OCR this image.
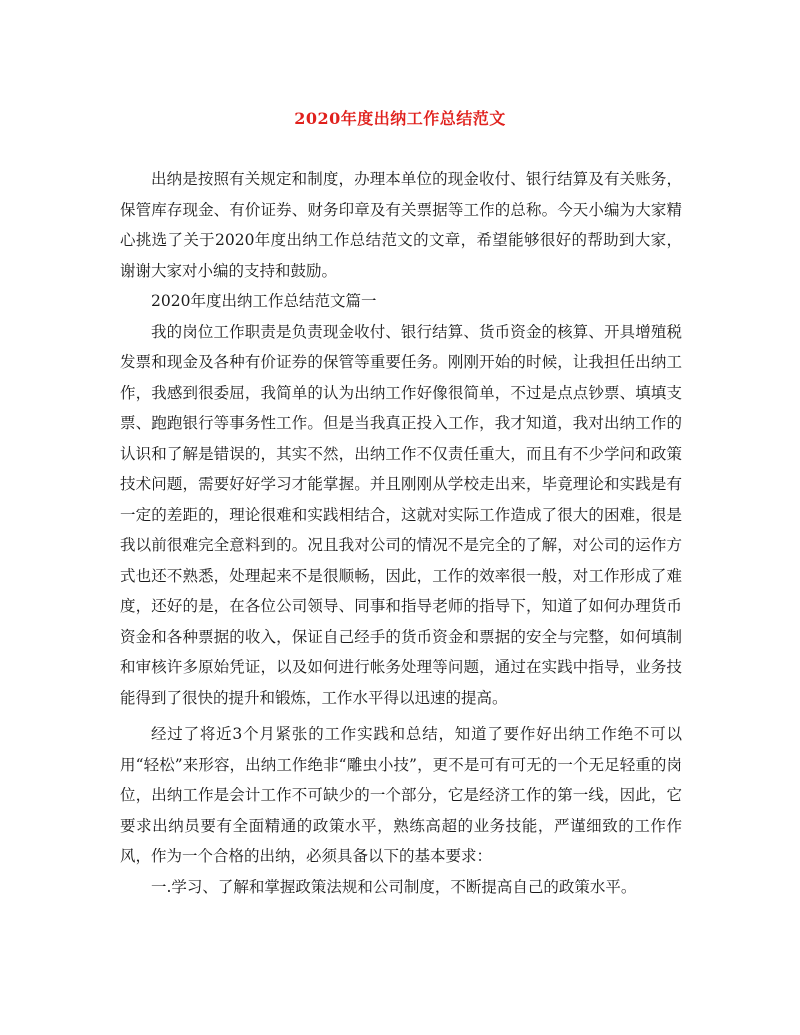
2020年度出纳工作总结范文

出纳是按照有关规定和制度，办理本单位的现金收付、银行结算及有关账务，保管库存现金、有价证券、财务印章及有关票据等工作的总称。今天小编为大家精心挑选了关于2020年度出纳工作总结范文的文章，希望能够很好的帮助到大家，谢谢大家对小编的支持和鼓励。

2020年度出纳工作总结范文篇一

我的岗位工作职责是负责现金收付、银行结算、货币资金的核算、开具增殖税发票和现金及各种有价证券的保管等重要任务。刚刚开始的时候，让我担任出纳工作，我感到很委屈，我简单的认为出纳工作好像很简单，不过是点点钞票、填填支票、跑跑银行等事务性工作。但是当我真正投入工作，我才知道，我对出纳工作的认识和了解是错误的，其实不然，出纳工作不仅责任重大，而且有不少学问和政策技术问题，需要好好学习才能掌握。并且刚刚从学校走出来，毕竟理论和实践是有一定的差距的，理论很难和实践相结合，这就对实际工作造成了很大的困难，很是我以前很难完全意料到的。况且我对公司的情况不是完全的了解，对公司的运作方式也还不熟悉，处理起来不是很顺畅，因此，工作的效率很一般，对工作形成了难度，还好的是，在各位公司领导、同事和指导老师的指导下，知道了如何办理货币资金和各种票据的收入，保证自己经手的货币资金和票据的安全与完整，如何填制和审核许多原始凭证，以及如何进行帐务处理等问题，通过在实践中指导，业务技能得到了很快的提升和锻炼，工作水平得以迅速的提高。

经过了将近3个月紧张的工作实践和总结，知道了要作好出纳工作绝不可以用“轻松”来形容，出纳工作绝非“雕虫小技”，更不是可有可无的一个无足轻重的岗位，出纳工作是会计工作不可缺少的一个部分，它是经济工作的第一线，因此，它要求出纳员要有全面精通的政策水平，熟练高超的业务技能，严谨细致的工作作风，作为一个合格的出纳，必须具备以下的基本要求：

一.学习、了解和掌握政策法规和公司制度，不断提高自己的政策水平。
